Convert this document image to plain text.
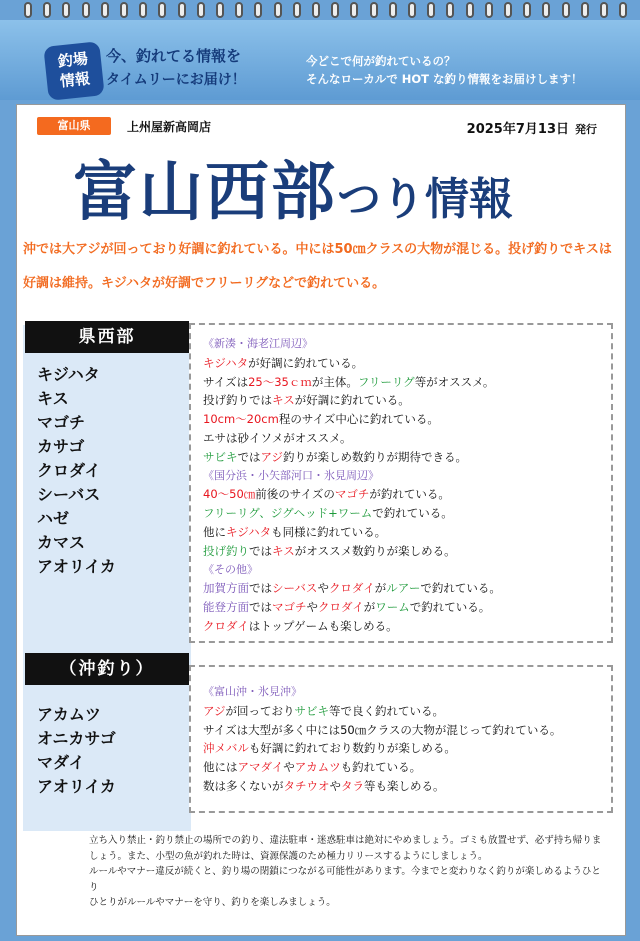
釣場
情報
今、釣れてる情報を
タイムリーにお届け！
今どこで何が釣れているの？
そんなローカルで HOT な釣り情報をお届けします！
富山県	上州屋新高岡店	2025年7月13日 発行
富山西部つり情報
沖では大アジが回っており好調に釣れている。中には50㎝クラスの大物が混じる。投げ釣りでキスは好調は維持。キジハタが好調でフリーリグなどで釣れている。
県西部
キジハタ
キス
マゴチ
カサゴ
クロダイ
シーバス
ハゼ
カマス
アオリイカ
《新湊・海老江周辺》
キジハタが好調に釣れている。
サイズは25～35ｃｍが主体。フリーリグ等がオススメ。
投げ釣りではキスが好調に釣れている。
10cm～20cm程のサイズ中心に釣れている。
エサは砂イソメがオススメ。
サビキではアジ釣りが楽しめ数釣りが期待できる。
《国分浜・小矢部河口・氷見周辺》
40～50㎝前後のサイズのマゴチが釣れている。
フリーリグ、ジグヘッド+ワームで釣れている。
他にキジハタも同様に釣れている。
投げ釣りではキスがオススメ数釣りが楽しめる。
《その他》
加賀方面ではシーバスやクロダイがルアーで釣れている。
能登方面ではマゴチやクロダイがワームで釣れている。
クロダイはトップゲームも楽しめる。
（沖釣り）
アカムツ
オニカサゴ
マダイ
アオリイカ
《富山沖・氷見沖》
アジが回っておりサビキ等で良く釣れている。
サイズは大型が多く中には50㎝クラスの大物が混じって釣れている。
沖メバルも好調に釣れており数釣りが楽しめる。
他にはアマダイやアカムツも釣れている。
数は多くないがタチウオやタラ等も楽しめる。
立ち入り禁止・釣り禁止の場所での釣り、違法駐車・迷惑駐車は絶対にやめましょう。ゴミも放置せず、必ず持ち帰りま
しょう。また、小型の魚が釣れた時は、資源保護のため極力リリースするようにしましょう。
ルールやマナー違反が続くと、釣り場の閉鎖につながる可能性があります。今までと変わりなく釣りが楽しめるようひとり
ひとりがルールやマナーを守り、釣りを楽しみましょう。
